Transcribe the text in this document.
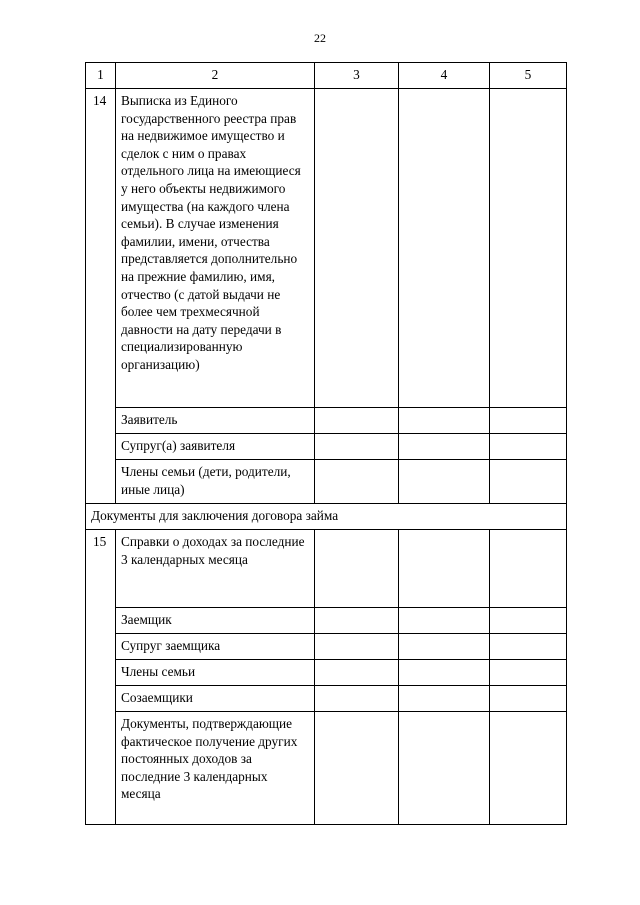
22
1	2	3	4	5
14	Выписка из Единого государственного реестра прав на недвижимое имущество и сделок с ним о правах отдельного лица на имеющиеся у него объекты недвижимого имущества (на каждого члена семьи). В случае изменения фамилии, имени, отчества представляется дополнительно на прежние фамилию, имя, отчество (с датой выдачи не более чем трехмесячной давности на дату передачи в специализированную организацию)			
	Заявитель			
	Супруг(а) заявителя			
	Члены семьи (дети, родители, иные лица)			
Документы для заключения договора займа				
15	Справки о доходах за последние 3 календарных месяца			
	Заемщик			
	Супруг заемщика			
	Члены семьи			
	Созаемщики			
	Документы, подтверждающие фактическое получение других постоянных доходов за последние 3 календарных месяца			
